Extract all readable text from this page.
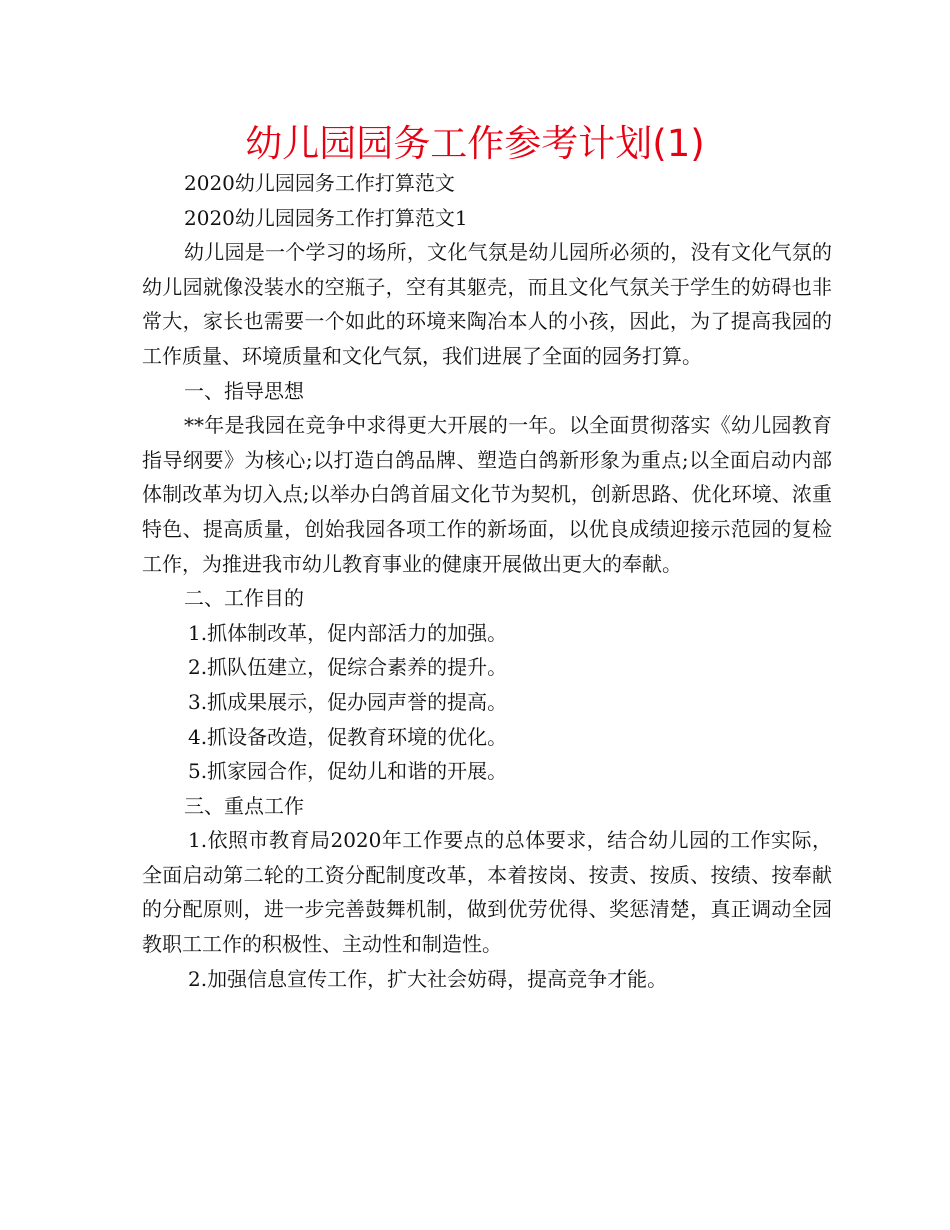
幼儿园园务工作参考计划(1)

2020幼儿园园务工作打算范文

2020幼儿园园务工作打算范文1

幼儿园是一个学习的场所，文化气氛是幼儿园所必须的，没有文化气氛的幼儿园就像没装水的空瓶子，空有其躯壳，而且文化气氛关于学生的妨碍也非常大，家长也需要一个如此的环境来陶冶本人的小孩，因此，为了提高我园的工作质量、环境质量和文化气氛，我们进展了全面的园务打算。

一、指导思想

**年是我园在竞争中求得更大开展的一年。以全面贯彻落实《幼儿园教育指导纲要》为核心;以打造白鸽品牌、塑造白鸽新形象为重点;以全面启动内部体制改革为切入点;以举办白鸽首届文化节为契机，创新思路、优化环境、浓重特色、提高质量，创始我园各项工作的新场面，以优良成绩迎接示范园的复检工作，为推进我市幼儿教育事业的健康开展做出更大的奉献。

二、工作目的

1.抓体制改革，促内部活力的加强。

2.抓队伍建立，促综合素养的提升。

3.抓成果展示，促办园声誉的提高。

4.抓设备改造，促教育环境的优化。

5.抓家园合作，促幼儿和谐的开展。

三、重点工作

1.依照市教育局2020年工作要点的总体要求，结合幼儿园的工作实际，全面启动第二轮的工资分配制度改革，本着按岗、按责、按质、按绩、按奉献的分配原则，进一步完善鼓舞机制，做到优劳优得、奖惩清楚，真正调动全园教职工工作的积极性、主动性和制造性。

2.加强信息宣传工作，扩大社会妨碍，提高竞争才能。
